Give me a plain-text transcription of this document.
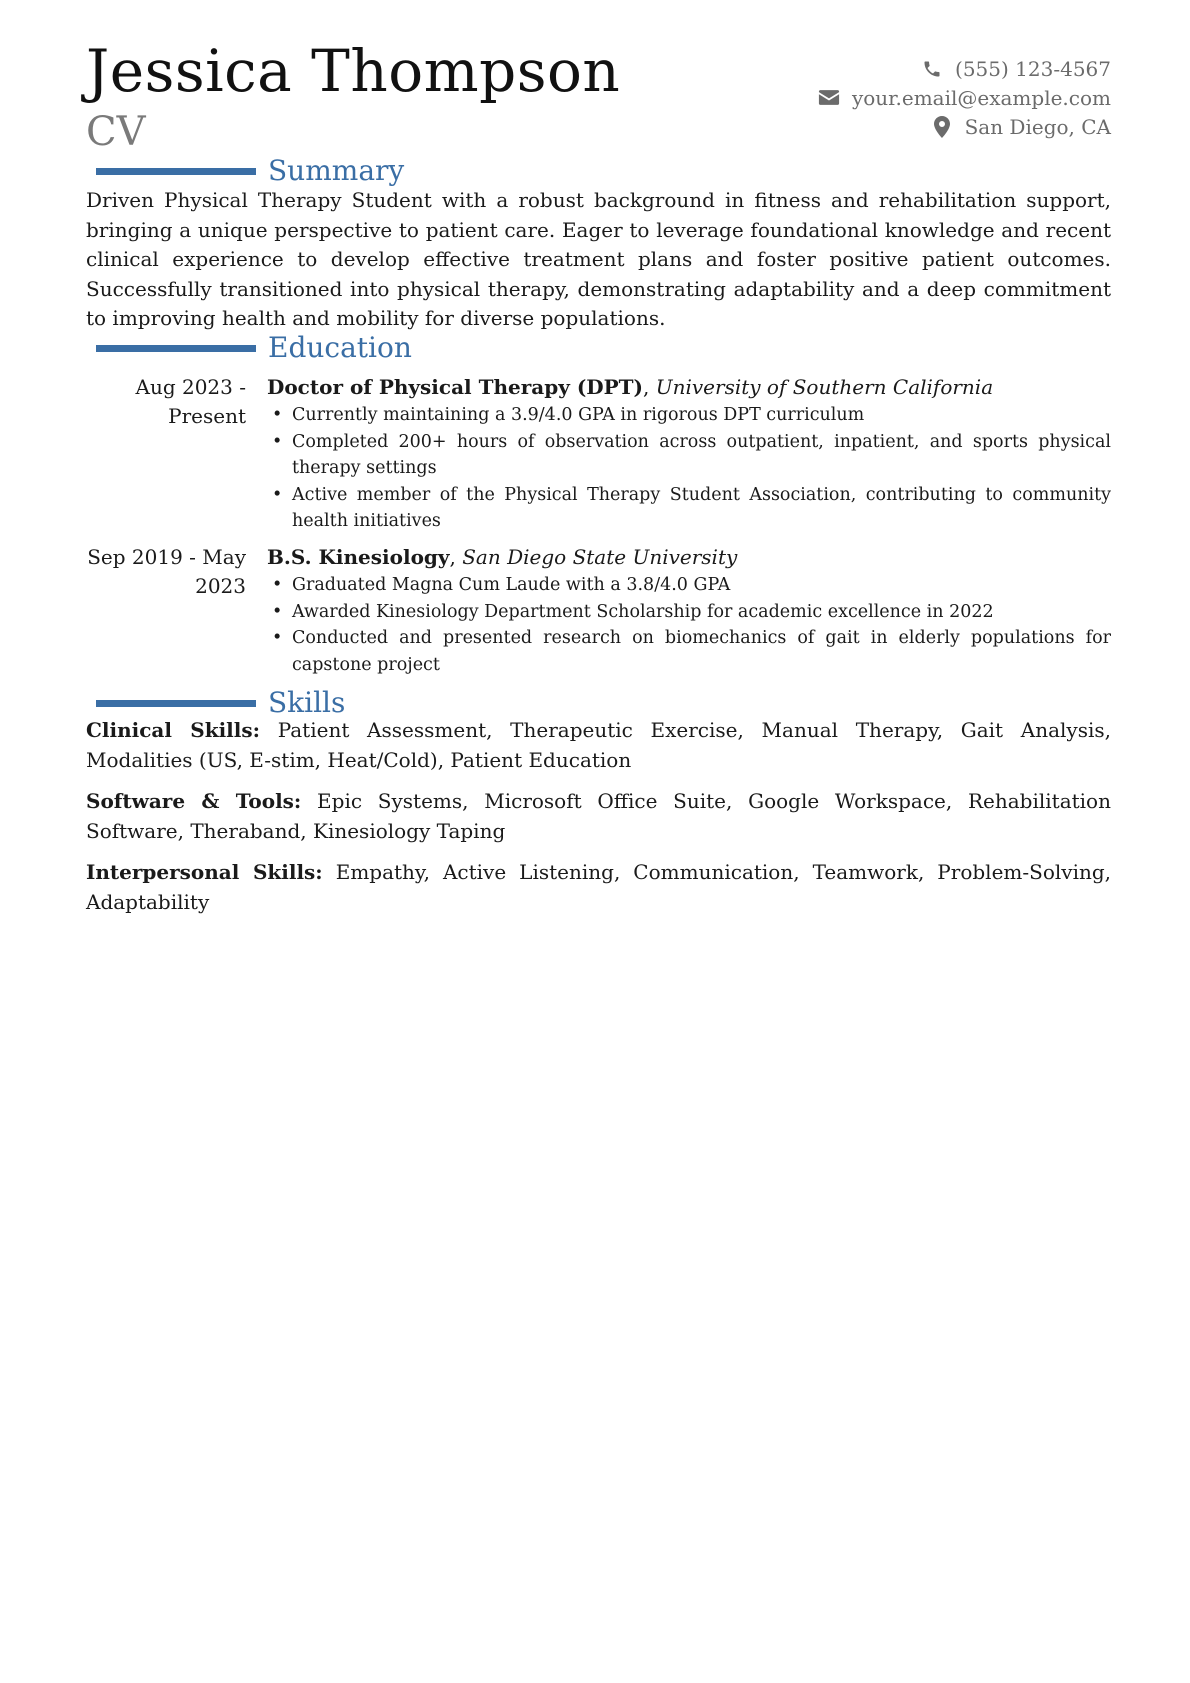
Jessica Thompson
CV
(555) 123-4567
your.email@example.com
San Diego, CA
Summary

Driven Physical Therapy Student with a robust background in fitness and rehabilitation support, bringing a unique perspective to patient care. Eager to leverage foundational knowledge and recent clinical experience to develop effective treatment plans and foster positive patient outcomes. Successfully transitioned into physical therapy, demonstrating adaptability and a deep commitment to improving health and mobility for diverse populations.

Education
Aug 2023 -
Present
Doctor of Physical Therapy (DPT), University of Southern California
• Currently maintaining a 3.9/4.0 GPA in rigorous DPT curriculum
• Completed 200+ hours of observation across outpatient, inpatient, and sports physical therapy settings
• Active member of the Physical Therapy Student Association, contributing to community health initiatives
Sep 2019 - May
2023
B.S. Kinesiology, San Diego State University
• Graduated Magna Cum Laude with a 3.8/4.0 GPA
• Awarded Kinesiology Department Scholarship for academic excellence in 2022
• Conducted and presented research on biomechanics of gait in elderly populations for capstone project
Skills

Clinical Skills: Patient Assessment, Therapeutic Exercise, Manual Therapy, Gait Analysis, Modalities (US, E-stim, Heat/Cold), Patient Education

Software & Tools: Epic Systems, Microsoft Office Suite, Google Workspace, Rehabilitation Software, Theraband, Kinesiology Taping

Interpersonal Skills: Empathy, Active Listening, Communication, Teamwork, Problem-Solving, Adaptability
